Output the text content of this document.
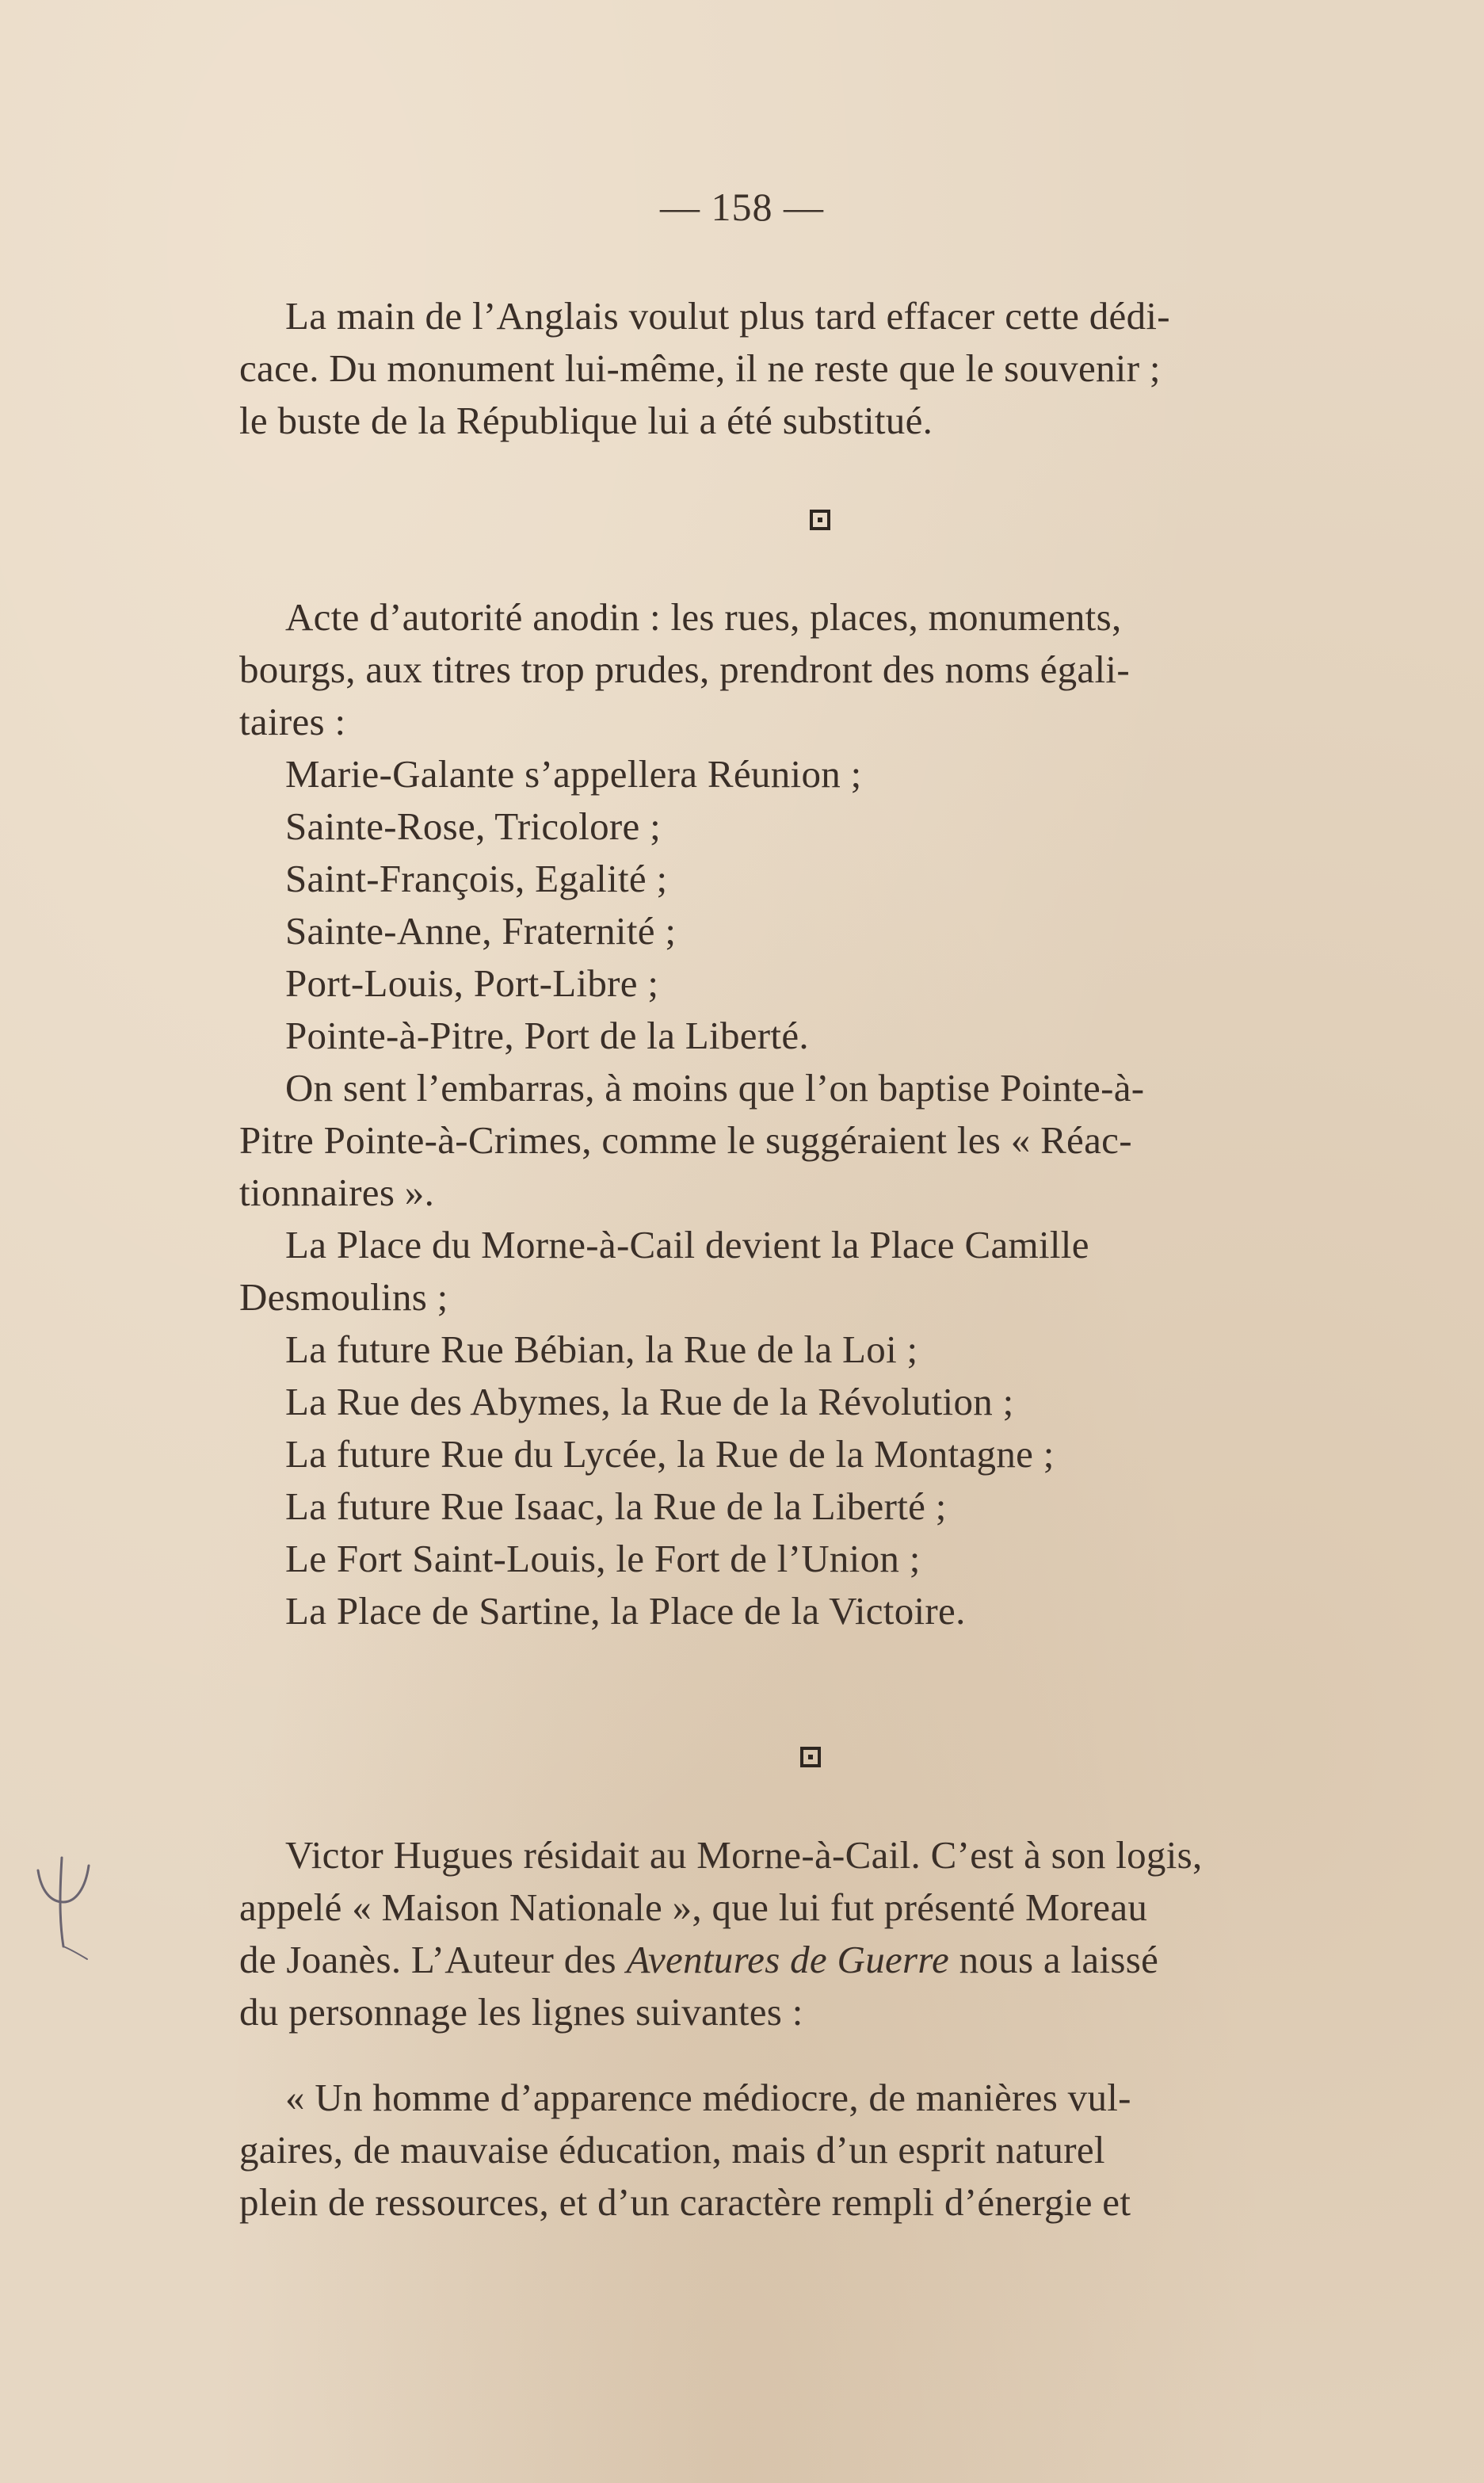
— 158 —

La main de l’Anglais voulut plus tard effacer cette dédi-

cace. Du monument lui-même, il ne reste que le souvenir ;

le buste de la République lui a été substitué.

Acte d’autorité anodin : les rues, places, monuments,

bourgs, aux titres trop prudes, prendront des noms égali-

taires :

Marie-Galante s’appellera Réunion ;

Sainte-Rose, Tricolore ;

Saint-François, Egalité ;

Sainte-Anne, Fraternité ;

Port-Louis, Port-Libre ;

Pointe-à-Pitre, Port de la Liberté.

On sent l’embarras, à moins que l’on baptise Pointe-à-

Pitre Pointe-à-Crimes, comme le suggéraient les « Réac-

tionnaires ».

La Place du Morne-à-Cail devient la Place Camille

Desmoulins ;

La future Rue Bébian, la Rue de la Loi ;

La Rue des Abymes, la Rue de la Révolution ;

La future Rue du Lycée, la Rue de la Montagne ;

La future Rue Isaac, la Rue de la Liberté ;

Le Fort Saint-Louis, le Fort de l’Union ;

La Place de Sartine, la Place de la Victoire.

Victor Hugues résidait au Morne-à-Cail. C’est à son logis,

appelé « Maison Nationale », que lui fut présenté Moreau

de Joanès. L’Auteur des Aventures de Guerre nous a laissé

du personnage les lignes suivantes :

« Un homme d’apparence médiocre, de manières vul-

gaires, de mauvaise éducation, mais d’un esprit naturel

plein de ressources, et d’un caractère rempli d’énergie et
